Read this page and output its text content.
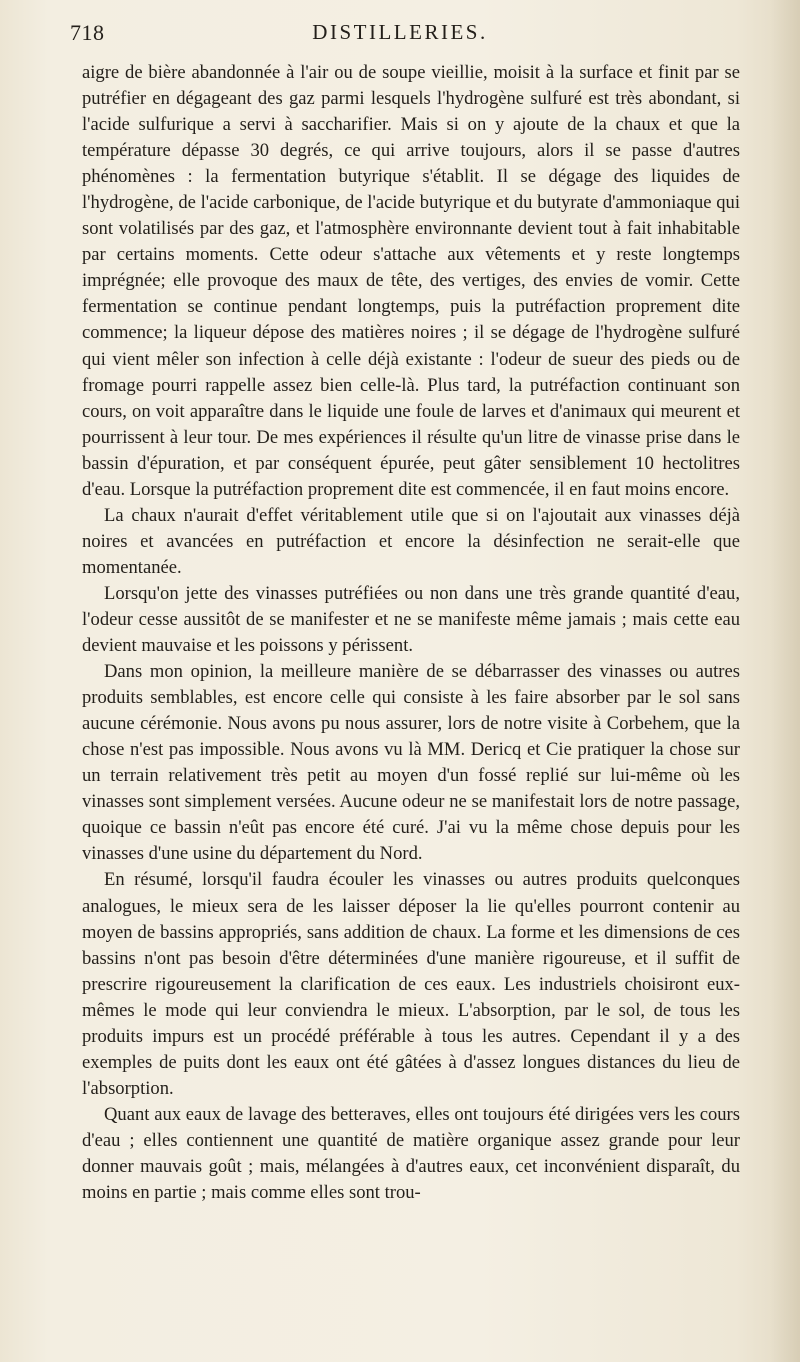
718	DISTILLERIES.

aigre de bière abandonnée à l'air ou de soupe vieillie, moisit à la surface et finit par se putréfier en dégageant des gaz parmi lesquels l'hydrogène sulfuré est très abondant, si l'acide sulfurique a servi à saccharifier. Mais si on y ajoute de la chaux et que la température dépasse 30 degrés, ce qui arrive toujours, alors il se passe d'autres phénomènes : la fermentation butyrique s'établit. Il se dégage des liquides de l'hydrogène, de l'acide carbonique, de l'acide butyrique et du butyrate d'ammoniaque qui sont volatilisés par des gaz, et l'atmosphère environnante devient tout à fait inhabitable par certains moments. Cette odeur s'attache aux vêtements et y reste longtemps imprégnée; elle provoque des maux de tête, des vertiges, des envies de vomir. Cette fermentation se continue pendant longtemps, puis la putréfaction proprement dite commence; la liqueur dépose des matières noires ; il se dégage de l'hydrogène sulfuré qui vient mêler son infection à celle déjà existante : l'odeur de sueur des pieds ou de fromage pourri rappelle assez bien celle-là. Plus tard, la putréfaction continuant son cours, on voit apparaître dans le liquide une foule de larves et d'animaux qui meurent et pourrissent à leur tour. De mes expériences il résulte qu'un litre de vinasse prise dans le bassin d'épuration, et par conséquent épurée, peut gâter sensiblement 10 hectolitres d'eau. Lorsque la putréfaction proprement dite est commencée, il en faut moins encore.

La chaux n'aurait d'effet véritablement utile que si on l'ajoutait aux vinasses déjà noires et avancées en putréfaction et encore la désinfection ne serait-elle que momentanée.

Lorsqu'on jette des vinasses putréfiées ou non dans une très grande quantité d'eau, l'odeur cesse aussitôt de se manifester et ne se manifeste même jamais ; mais cette eau devient mauvaise et les poissons y périssent.

Dans mon opinion, la meilleure manière de se débarrasser des vinasses ou autres produits semblables, est encore celle qui consiste à les faire absorber par le sol sans aucune cérémonie. Nous avons pu nous assurer, lors de notre visite à Corbehem, que la chose n'est pas impossible. Nous avons vu là MM. Dericq et Cie pratiquer la chose sur un terrain relativement très petit au moyen d'un fossé replié sur lui-même où les vinasses sont simplement versées. Aucune odeur ne se manifestait lors de notre passage, quoique ce bassin n'eût pas encore été curé. J'ai vu la même chose depuis pour les vinasses d'une usine du département du Nord.

En résumé, lorsqu'il faudra écouler les vinasses ou autres produits quelconques analogues, le mieux sera de les laisser déposer la lie qu'elles pourront contenir au moyen de bassins appropriés, sans addition de chaux. La forme et les dimensions de ces bassins n'ont pas besoin d'être déterminées d'une manière rigoureuse, et il suffit de prescrire rigoureusement la clarification de ces eaux. Les industriels choisiront eux-mêmes le mode qui leur conviendra le mieux. L'absorption, par le sol, de tous les produits impurs est un procédé préférable à tous les autres. Cependant il y a des exemples de puits dont les eaux ont été gâtées à d'assez longues distances du lieu de l'absorption.

Quant aux eaux de lavage des betteraves, elles ont toujours été dirigées vers les cours d'eau ; elles contiennent une quantité de matière organique assez grande pour leur donner mauvais goût ; mais, mélangées à d'autres eaux, cet inconvénient disparaît, du moins en partie ; mais comme elles sont trou-
